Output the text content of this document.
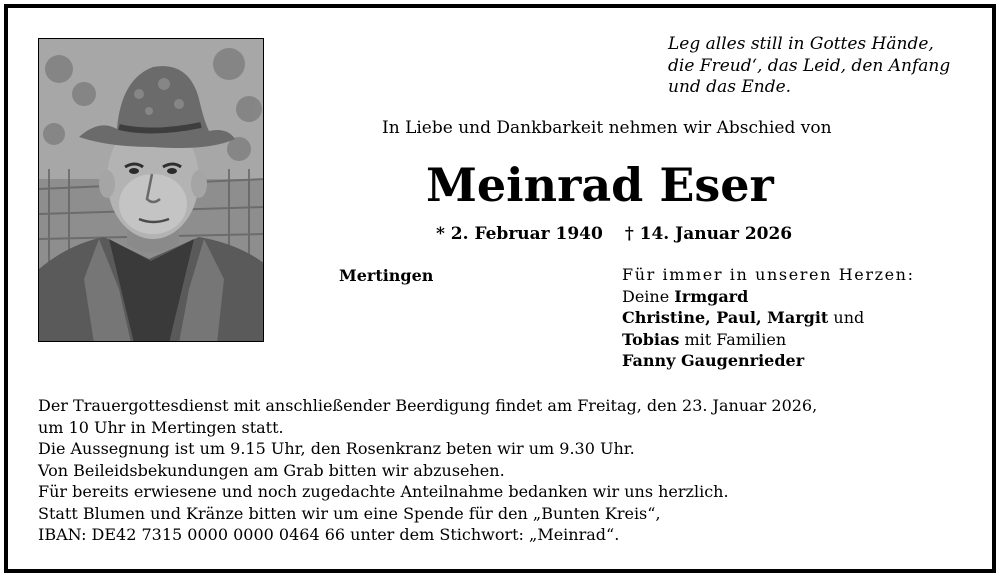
Leg alles still in Gottes Hände,
die Freud‘, das Leid, den Anfang
und das Ende.
In Liebe und Dankbarkeit nehmen wir Abschied von
Meinrad Eser
* 2. Februar 1940 † 14. Januar 2026
Mertingen	Für immer in unseren Herzen:
Deine Irmgard
Christine, Paul, Margit und
Tobias mit Familien
Fanny Gaugenrieder
Der Trauergottesdienst mit anschließender Beerdigung findet am Freitag, den 23. Januar 2026,
um 10 Uhr in Mertingen statt.
Die Aussegnung ist um 9.15 Uhr, den Rosenkranz beten wir um 9.30 Uhr.
Von Beileidsbekundungen am Grab bitten wir abzusehen.
Für bereits erwiesene und noch zugedachte Anteilnahme bedanken wir uns herzlich.
Statt Blumen und Kränze bitten wir um eine Spende für den „Bunten Kreis“,
IBAN: DE42 7315 0000 0000 0464 66 unter dem Stichwort: „Meinrad“.
